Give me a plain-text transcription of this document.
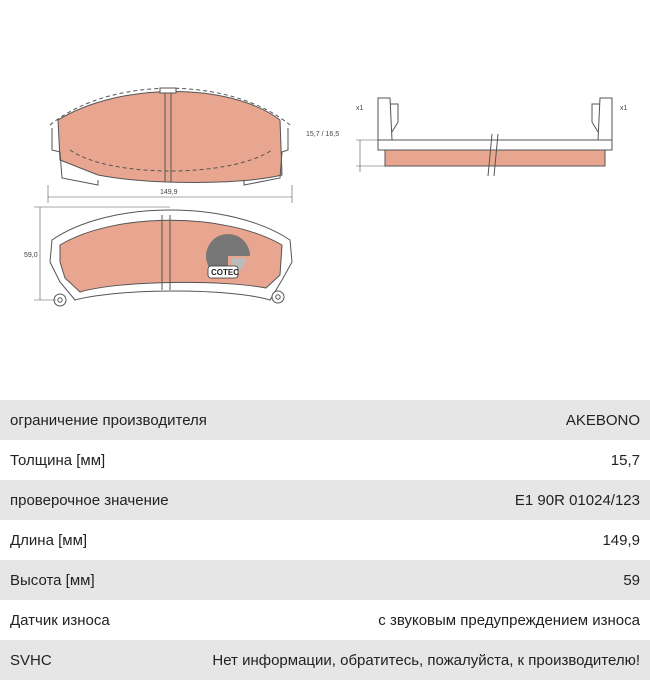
149,9
59,0
COTEC
15,7 / 16,5
x1	x1
ограничение производителя	AKEBONO
Толщина [мм]	15,7
проверочное значение	E1 90R 01024/123
Длина [мм]	149,9
Высота [мм]	59
Датчик износа	с звуковым предупреждением износа
SVHC	Нет информации, обратитесь, пожалуйста, к производителю!
